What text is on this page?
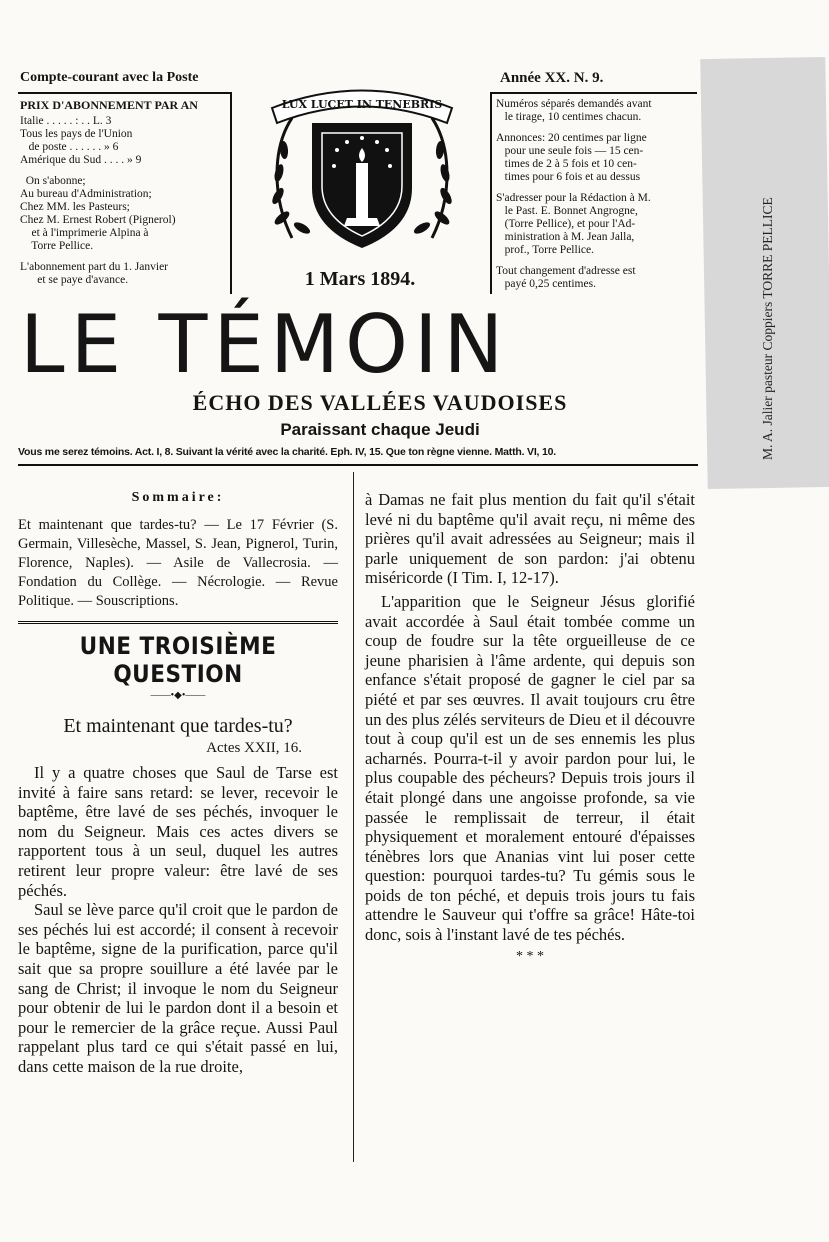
Compte-courant avec la Poste
PRIX D'ABONNEMENT PAR AN
Italie . . . . . : . . L. 3
Tous les pays de l'Union
de poste . . . . . . » 6
Amérique du Sud . . . . » 9

On s'abonne;
Au bureau d'Administration;
Chez MM. les Pasteurs;
Chez M. Ernest Robert (Pignerol)
et à l'imprimerie Alpina à
Torre Pellice.

L'abonnement part du 1. Janvier
et se paye d'avance.
LUX LUCET IN TENEBRIS
1 Mars 1894.
Année XX. N. 9.
Numéros séparés demandés avant
le tirage, 10 centimes chacun.

Annonces: 20 centimes par ligne
pour une seule fois — 15 cen-
times de 2 à 5 fois et 10 cen-
times pour 6 fois et au dessus

S'adresser pour la Rédaction à M.
le Past. E. Bonnet Angrogne,
(Torre Pellice), et pour l'Ad-
ministration à M. Jean Jalla,
prof., Torre Pellice.

Tout changement d'adresse est
payé 0,25 centimes.	M. A. Jalier pasteur Coppiers TORRE PELLICE
LE TÉMOIN
ÉCHO DES VALLÉES VAUDOISES
Paraissant chaque Jeudi
Vous me serez témoins. Act. I, 8. Suivant la vérité avec la charité. Eph. IV, 15. Que ton règne vienne. Matth. VI, 10.
Sommaire:
Et maintenant que tardes-tu? — Le 17 Février (S. Germain, Villesèche, Massel, S. Jean, Pignerol, Turin, Florence, Naples). — Asile de Vallecrosia. — Fondation du Collège. — Nécrologie. — Revue Politique. — Souscriptions.
UNE TROISIÈME QUESTION
——•◆•——
Et maintenant que tardes-tu?
Actes XXII, 16.

Il y a quatre choses que Saul de Tarse est invité à faire sans retard: se lever, recevoir le baptême, être lavé de ses péchés, invoquer le nom du Seigneur. Mais ces actes divers se rapportent tous à un seul, duquel les autres retirent leur propre valeur: être lavé de ses péchés.

Saul se lève parce qu'il croit que le pardon de ses péchés lui est accordé; il consent à recevoir le baptême, signe de la purification, parce qu'il sait que sa propre souillure a été lavée par le sang de Christ; il invoque le nom du Seigneur pour obtenir de lui le pardon dont il a besoin et pour le remercier de la grâce reçue. Aussi Paul rappelant plus tard ce qui s'était passé en lui, dans cette maison de la rue droite,

à Damas ne fait plus mention du fait qu'il s'était levé ni du baptême qu'il avait reçu, ni même des prières qu'il avait adressées au Seigneur; mais il parle uniquement de son pardon: j'ai obtenu miséricorde (I Tim. I, 12-17).

L'apparition que le Seigneur Jésus glorifié avait accordée à Saul était tombée comme un coup de foudre sur la tête orgueilleuse de ce jeune pharisien à l'âme ardente, qui depuis son enfance s'était proposé de gagner le ciel par sa piété et par ses œuvres. Il avait toujours cru être un des plus zélés serviteurs de Dieu et il découvre tout à coup qu'il est un de ses ennemis les plus acharnés. Pourra-t-il y avoir pardon pour lui, le plus coupable des pécheurs? Depuis trois jours il était plongé dans une angoisse profonde, sa vie passée le remplissait de terreur, il était physiquement et moralement entouré d'épaisses ténèbres lors que Ananias vint lui poser cette question: pourquoi tardes-tu? Tu gémis sous le poids de ton péché, et depuis trois jours tu fais attendre le Sauveur qui t'offre sa grâce! Hâte-toi donc, sois à l'instant lavé de tes péchés.

* * *
